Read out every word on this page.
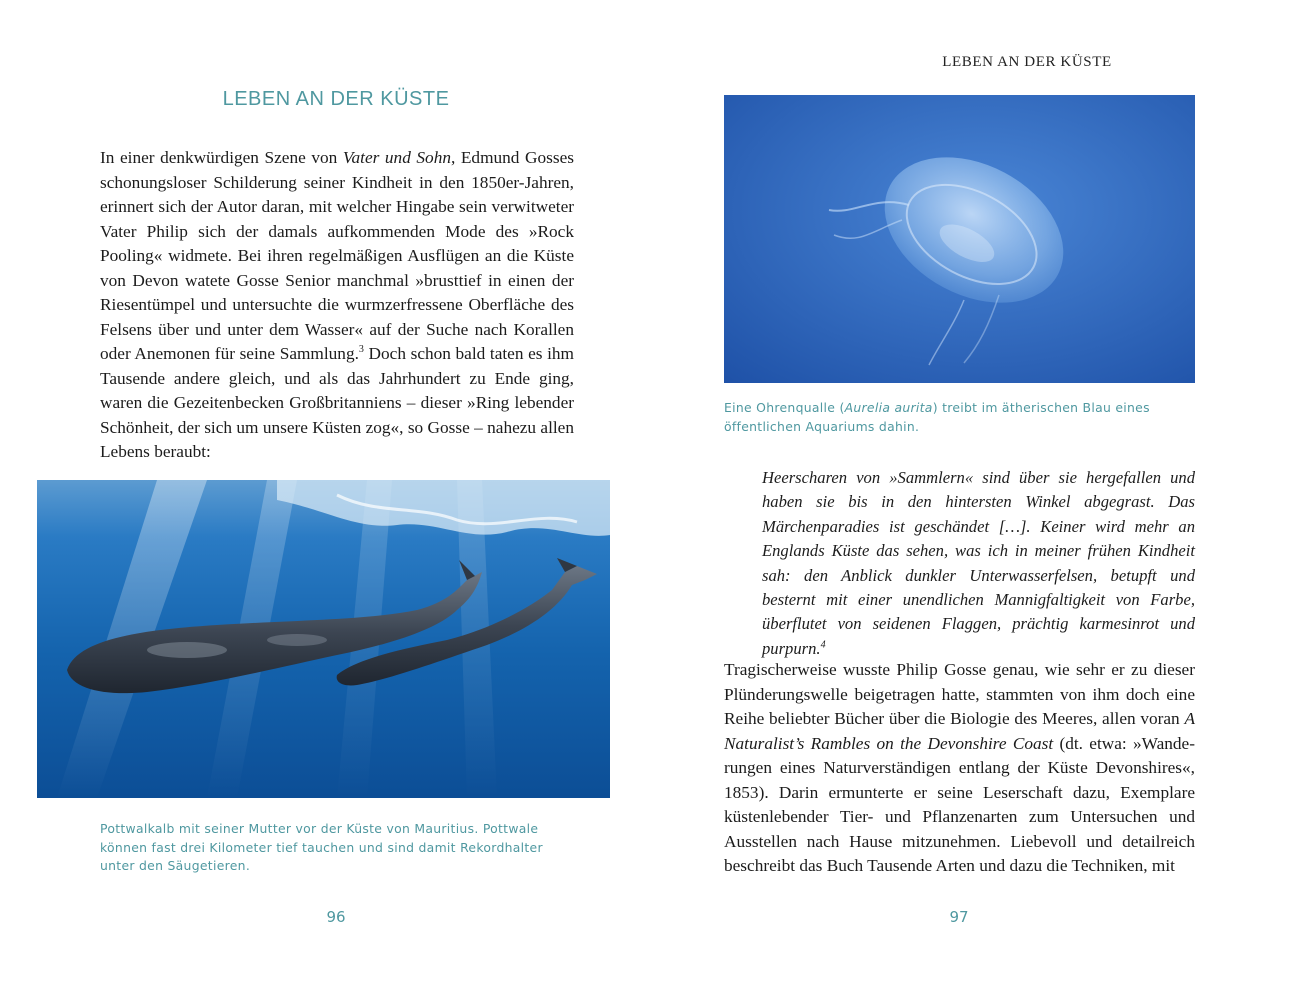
LEBEN AN DER KÜSTE

In einer denkwürdigen Szene von Vater und Sohn, Edmund Gosses schonungsloser Schilderung seiner Kindheit in den 1850er-Jahren, erinnert sich der Autor daran, mit welcher Hingabe sein verwitweter Vater Philip sich der damals aufkommenden Mode des »Rock Pooling« widmete. Bei ihren regelmäßigen Ausflügen an die Küste von Devon watete Gosse Senior manchmal »brusttief in einen der Riesentümpel und untersuchte die wurmzerfressene Oberfläche des Felsens über und unter dem Wasser« auf der Suche nach Korallen oder Anemonen für seine Sammlung.$^3$ Doch schon bald taten es ihm Tausende andere gleich, und als das Jahrhundert zu Ende ging, waren die Gezeitenbecken Großbritanniens – dieser »Ring lebender Schönheit, der sich um unsere Küsten zog«, so Gosse – nahezu allen Lebens beraubt:

Pottwalkalb mit seiner Mutter vor der Küste von Mauritius. Pottwale können fast drei Kilometer tief tauchen und sind damit Rekordhalter unter den Säugetieren.

96
LEBEN AN DER KÜSTE

Eine Ohrenqualle (Aurelia aurita) treibt im ätherischen Blau eines öffentlichen Aquariums dahin.

Heerscharen von »Sammlern« sind über sie hergefallen und haben sie bis in den hintersten Winkel abgegrast. Das Märchenparadies ist geschändet […]. Keiner wird mehr an Englands Küste das sehen, was ich in meiner frühen Kindheit sah: den Anblick dunkler Unterwasserfelsen, betupft und besternt mit einer unendlichen Mannigfaltigkeit von Farbe, überflutet von seidenen Flaggen, prächtig karmesinrot und purpurn.$^4$

Tragischerweise wusste Philip Gosse genau, wie sehr er zu dieser Plünderungswelle beigetragen hatte, stammten von ihm doch eine Reihe beliebter Bücher über die Biologie des Meeres, allen voran A Naturalist’s Rambles on the Devonshire Coast (dt. etwa: »Wanderungen eines Naturverständigen entlang der Küste Devonshires«, 1853). Darin ermunterte er seine Leserschaft dazu, Exemplare küstenlebender Tier- und Pflanzenarten zum Untersuchen und Ausstellen nach Hause mitzunehmen. Liebevoll und detailreich beschreibt das Buch Tausende Arten und dazu die Techniken, mit

97
